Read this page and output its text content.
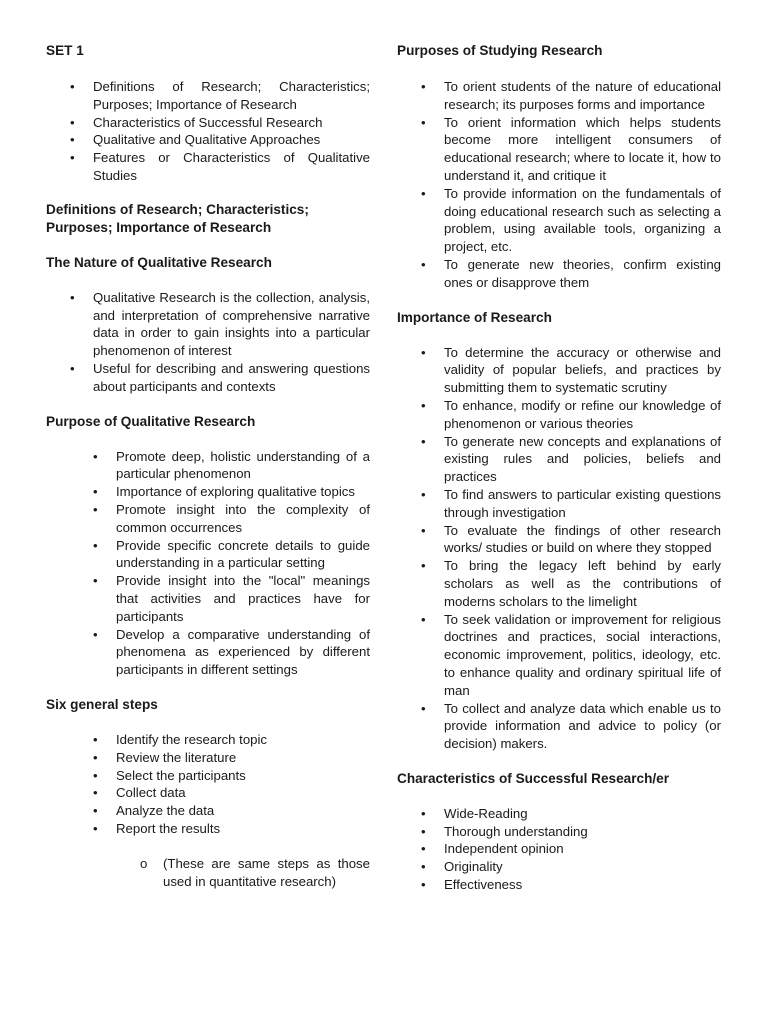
SET 1
• Definitions of Research; Characteristics; Purposes; Importance of Research
• Characteristics of Successful Research
• Qualitative and Qualitative Approaches
• Features or Characteristics of Qualitative Studies
Definitions of Research; Characteristics; Purposes; Importance of Research
The Nature of Qualitative Research
• Qualitative Research is the collection, analysis, and interpretation of comprehensive narrative data in order to gain insights into a particular phenomenon of interest
• Useful for describing and answering questions about participants and contexts
Purpose of Qualitative Research
• Promote deep, holistic understanding of a particular phenomenon
• Importance of exploring qualitative topics
• Promote insight into the complexity of common occurrences
• Provide specific concrete details to guide understanding in a particular setting
• Provide insight into the "local" meanings that activities and practices have for participants
• Develop a comparative understanding of phenomena as experienced by different participants in different settings
Six general steps
• Identify the research topic
• Review the literature
• Select the participants
• Collect data
• Analyze the data
• Report the results
o (These are same steps as those used in quantitative research)
Purposes of Studying Research
• To orient students of the nature of educational research; its purposes forms and importance
• To orient information which helps students become more intelligent consumers of educational research; where to locate it, how to understand it, and critique it
• To provide information on the fundamentals of doing educational research such as selecting a problem, using available tools, organizing a project, etc.
• To generate new theories, confirm existing ones or disapprove them
Importance of Research
• To determine the accuracy or otherwise and validity of popular beliefs, and practices by submitting them to systematic scrutiny
• To enhance, modify or refine our knowledge of phenomenon or various theories
• To generate new concepts and explanations of existing rules and policies, beliefs and practices
• To find answers to particular existing questions through investigation
• To evaluate the findings of other research works/ studies or build on where they stopped
• To bring the legacy left behind by early scholars as well as the contributions of moderns scholars to the limelight
• To seek validation or improvement for religious doctrines and practices, social interactions, economic improvement, politics, ideology, etc. to enhance quality and ordinary spiritual life of man
• To collect and analyze data which enable us to provide information and advice to policy (or decision) makers.
Characteristics of Successful Research/er
• Wide-Reading
• Thorough understanding
• Independent opinion
• Originality
• Effectiveness
